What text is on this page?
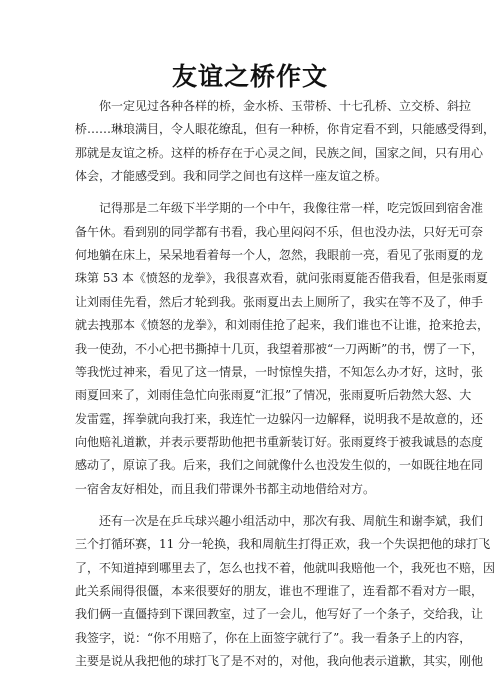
友谊之桥作文
　　你一定见过各种各样的桥，金水桥、玉带桥、十七孔桥、立交桥、斜拉
桥……琳琅满目，令人眼花缭乱，但有一种桥，你肯定看不到，只能感受得到，
那就是友谊之桥。这样的桥存在于心灵之间，民族之间，国家之间，只有用心
体会，才能感受到。我和同学之间也有这样一座友谊之桥。
　　记得那是二年级下半学期的一个中午，我像往常一样，吃完饭回到宿舍准
备午休。看到别的同学都有书看，我心里闷闷不乐，但也没办法，只好无可奈
何地躺在床上，呆呆地看着每一个人，忽然，我眼前一亮，看见了张雨夏的龙
珠第 53 本《愤怒的龙拳》，我很喜欢看，就问张雨夏能否借我看，但是张雨夏
让刘雨佳先看，然后才轮到我。张雨夏出去上厕所了，我实在等不及了，伸手
就去拽那本《愤怒的龙拳》，和刘雨佳抢了起来，我们谁也不让谁，抢来抢去，
我一使劲，不小心把书撕掉十几页，我望着那被“一刀两断”的书，愣了一下，
等我恍过神来，看见了这一情景，一时惊惶失措，不知怎么办才好，这时，张
雨夏回来了，刘雨佳急忙向张雨夏“汇报”了情况，张雨夏听后勃然大怒、大
发雷霆，挥拳就向我打来，我连忙一边躲闪一边解释，说明我不是故意的，还
向他赔礼道歉，并表示要帮助他把书重新装订好。张雨夏终于被我诚恳的态度
感动了，原谅了我。后来，我们之间就像什么也没发生似的，一如既往地在同
一宿舍友好相处，而且我们带课外书都主动地借给对方。
　　还有一次是在乒乓球兴趣小组活动中，那次有我、周航生和谢李斌，我们
三个打循环赛，11 分一轮换，我和周航生打得正欢，我一个失误把他的球打飞
了，不知道掉到哪里去了，怎么也找不着，他就叫我赔他一个，我死也不赔，因
此关系闹得很僵，本来很要好的朋友，谁也不理谁了，连看都不看对方一眼，
我们俩一直僵持到下课回教室，过了一会儿，他写好了一个条子，交给我，让
我签字，说：“你不用赔了，你在上面签字就行了”。我一看条子上的内容，
主要是说从我把他的球打飞了是不对的，对他，我向他表示道歉，其实，刚他
